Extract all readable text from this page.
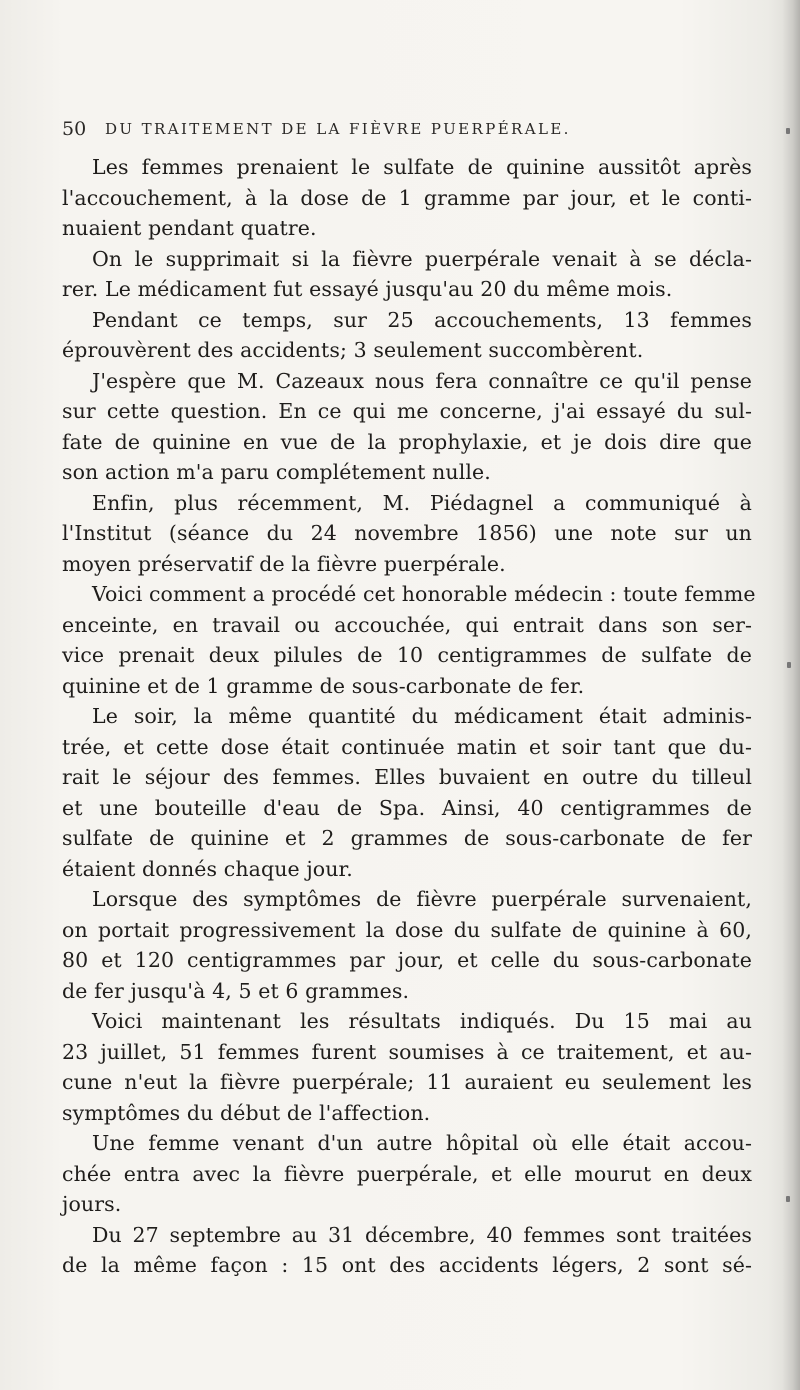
50 DU TRAITEMENT DE LA FIÈVRE PUERPÉRALE.
Les femmes prenaient le sulfate de quinine aussitôt après
l'accouchement, à la dose de 1 gramme par jour, et le conti-
nuaient pendant quatre.
On le supprimait si la fièvre puerpérale venait à se décla-
rer. Le médicament fut essayé jusqu'au 20 du même mois.
Pendant ce temps, sur 25 accouchements, 13 femmes
éprouvèrent des accidents; 3 seulement succombèrent.
J'espère que M. Cazeaux nous fera connaître ce qu'il pense
sur cette question. En ce qui me concerne, j'ai essayé du sul-
fate de quinine en vue de la prophylaxie, et je dois dire que
son action m'a paru complétement nulle.
Enfin, plus récemment, M. Piédagnel a communiqué à
l'Institut (séance du 24 novembre 1856) une note sur un
moyen préservatif de la fièvre puerpérale.
Voici comment a procédé cet honorable médecin : toute femme
enceinte, en travail ou accouchée, qui entrait dans son ser-
vice prenait deux pilules de 10 centigrammes de sulfate de
quinine et de 1 gramme de sous-carbonate de fer.
Le soir, la même quantité du médicament était adminis-
trée, et cette dose était continuée matin et soir tant que du-
rait le séjour des femmes. Elles buvaient en outre du tilleul
et une bouteille d'eau de Spa. Ainsi, 40 centigrammes de
sulfate de quinine et 2 grammes de sous-carbonate de fer
étaient donnés chaque jour.
Lorsque des symptômes de fièvre puerpérale survenaient,
on portait progressivement la dose du sulfate de quinine à 60,
80 et 120 centigrammes par jour, et celle du sous-carbonate
de fer jusqu'à 4, 5 et 6 grammes.
Voici maintenant les résultats indiqués. Du 15 mai au
23 juillet, 51 femmes furent soumises à ce traitement, et au-
cune n'eut la fièvre puerpérale; 11 auraient eu seulement les
symptômes du début de l'affection.
Une femme venant d'un autre hôpital où elle était accou-
chée entra avec la fièvre puerpérale, et elle mourut en deux
jours.
Du 27 septembre au 31 décembre, 40 femmes sont traitées
de la même façon : 15 ont des accidents légers, 2 sont sé-
